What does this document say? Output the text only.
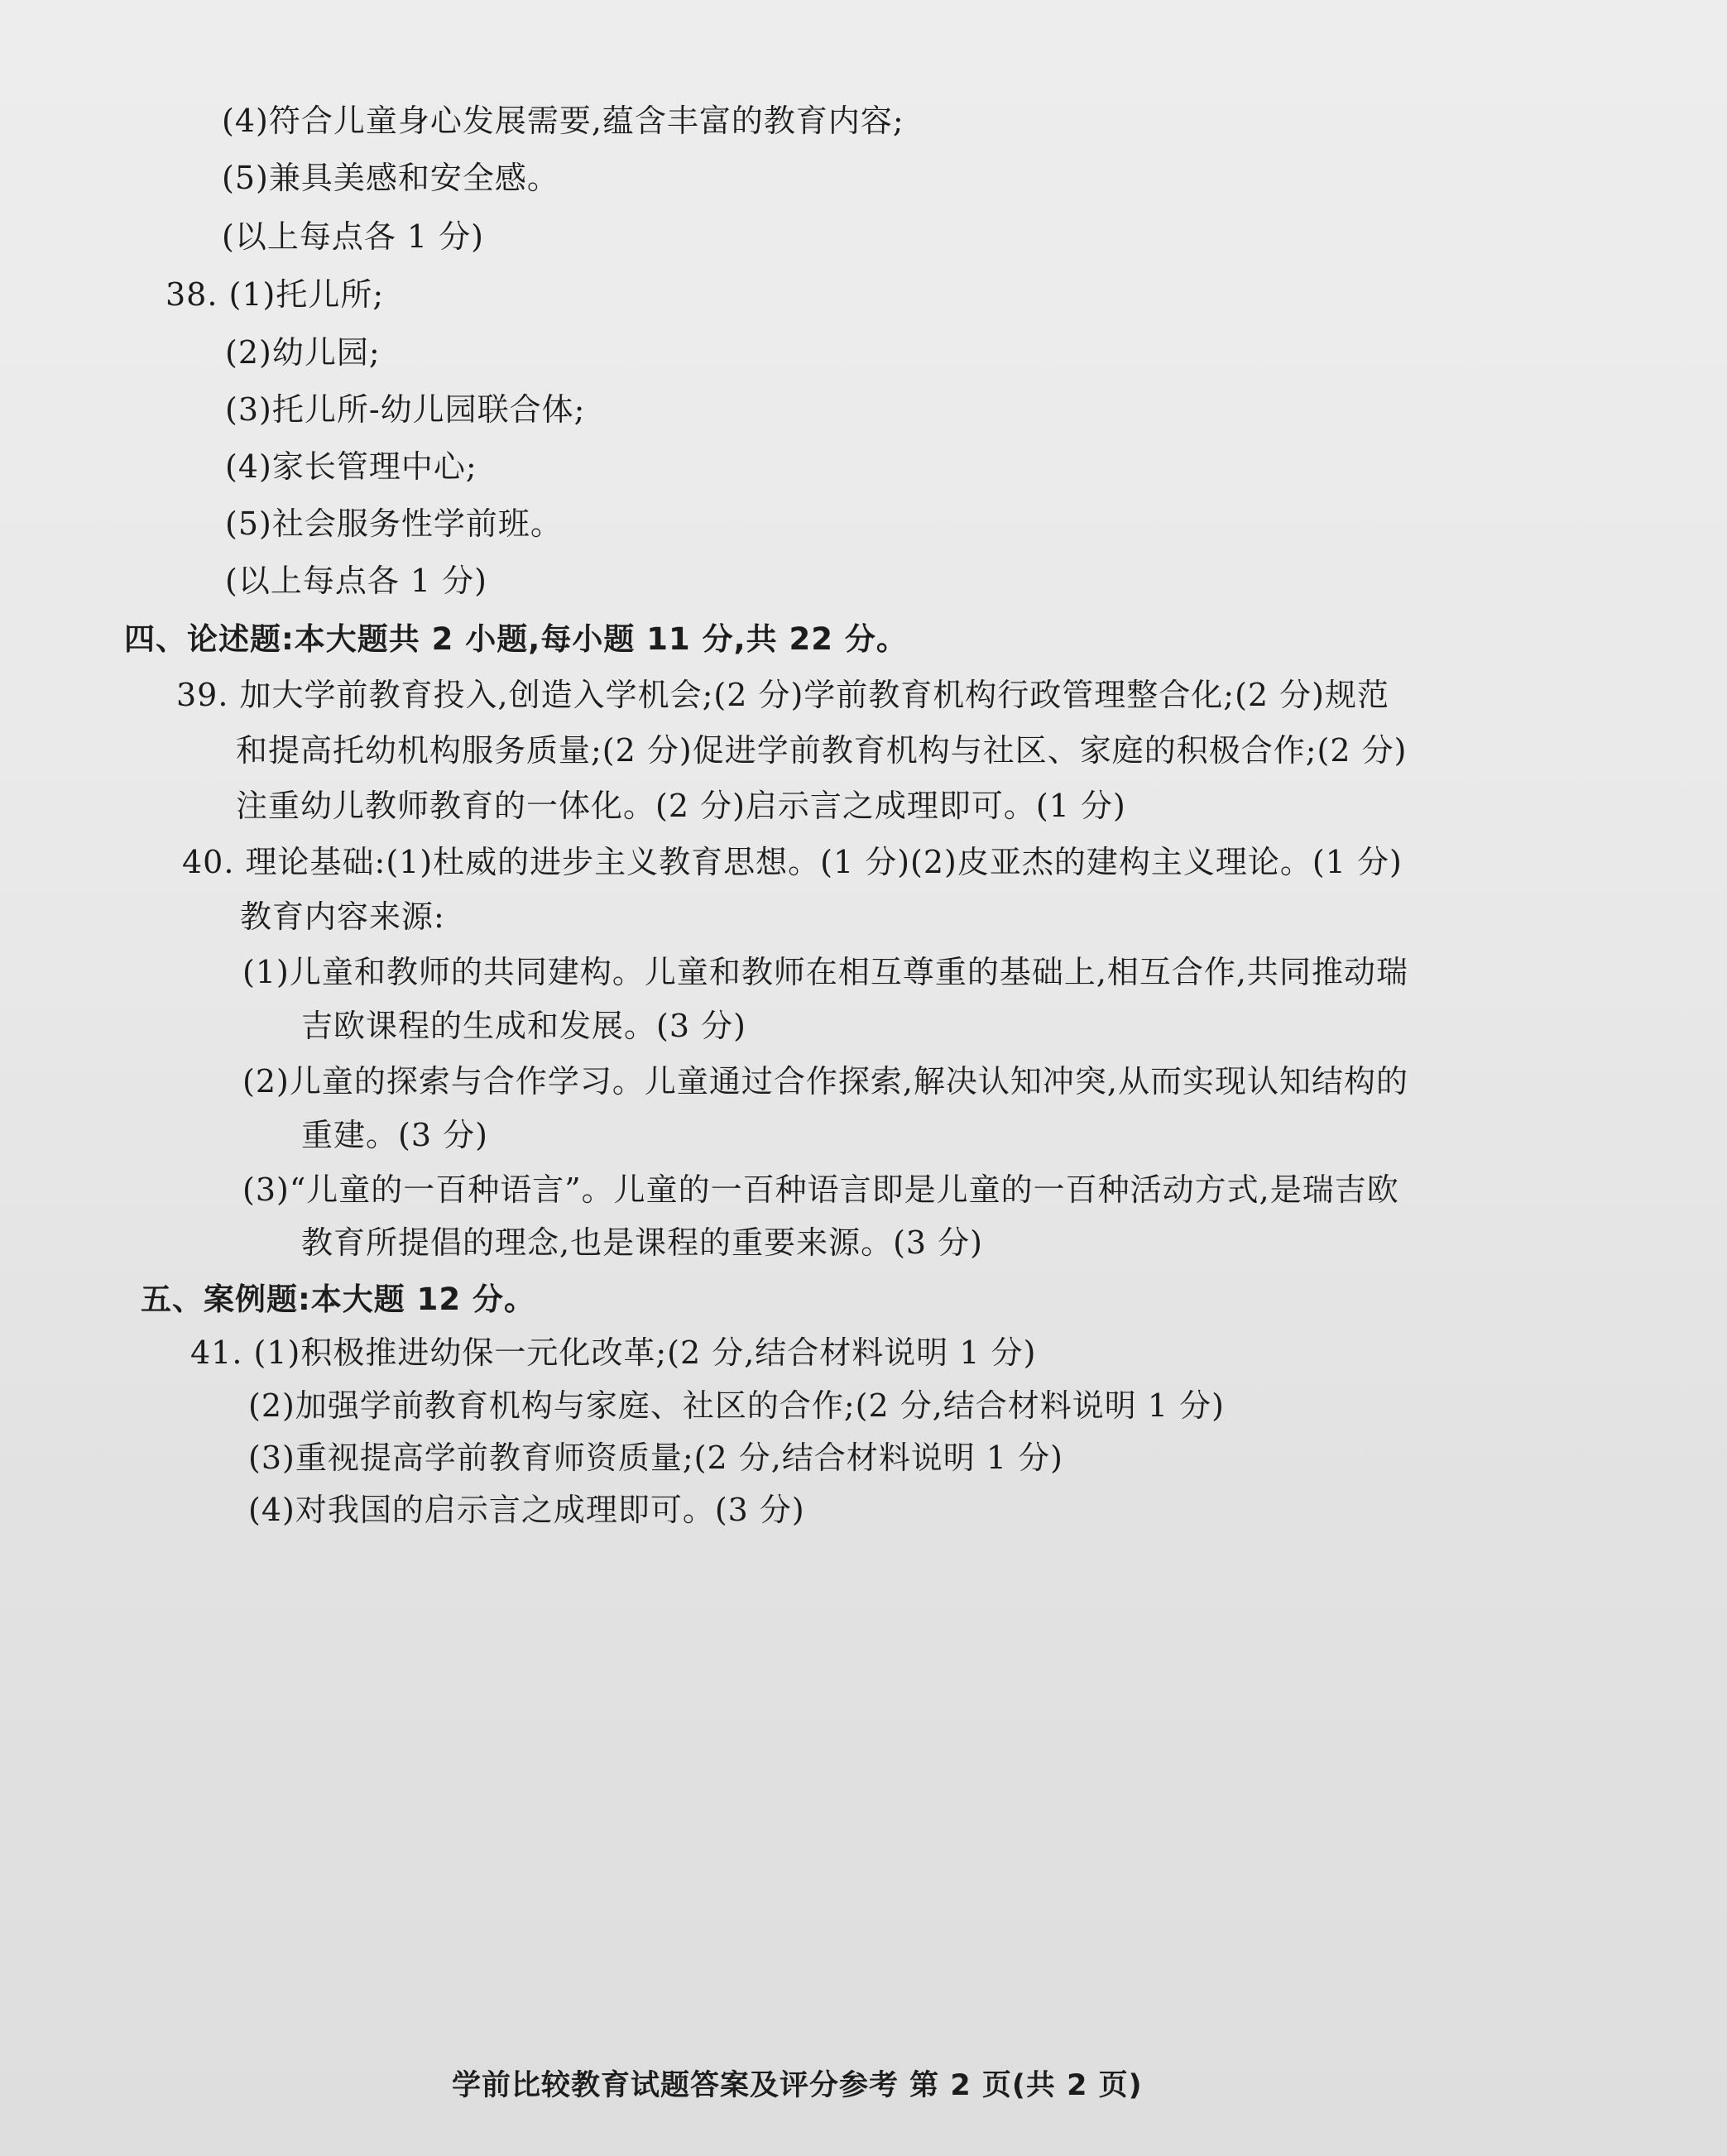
(4)符合儿童身心发展需要,蕴含丰富的教育内容;
(5)兼具美感和安全感。
(以上每点各 1 分)
38. (1)托儿所;
(2)幼儿园;
(3)托儿所-幼儿园联合体;
(4)家长管理中心;
(5)社会服务性学前班。
(以上每点各 1 分)
四、论述题:本大题共 2 小题,每小题 11 分,共 22 分。
39. 加大学前教育投入,创造入学机会;(2 分)学前教育机构行政管理整合化;(2 分)规范
和提高托幼机构服务质量;(2 分)促进学前教育机构与社区、家庭的积极合作;(2 分)
注重幼儿教师教育的一体化。(2 分)启示言之成理即可。(1 分)
40. 理论基础:(1)杜威的进步主义教育思想。(1 分)(2)皮亚杰的建构主义理论。(1 分)
教育内容来源:
(1)儿童和教师的共同建构。儿童和教师在相互尊重的基础上,相互合作,共同推动瑞
吉欧课程的生成和发展。(3 分)
(2)儿童的探索与合作学习。儿童通过合作探索,解决认知冲突,从而实现认知结构的
重建。(3 分)
(3)“儿童的一百种语言”。儿童的一百种语言即是儿童的一百种活动方式,是瑞吉欧
教育所提倡的理念,也是课程的重要来源。(3 分)
五、案例题:本大题 12 分。
41. (1)积极推进幼保一元化改革;(2 分,结合材料说明 1 分)
(2)加强学前教育机构与家庭、社区的合作;(2 分,结合材料说明 1 分)
(3)重视提高学前教育师资质量;(2 分,结合材料说明 1 分)
(4)对我国的启示言之成理即可。(3 分)
学前比较教育试题答案及评分参考 第 2 页(共 2 页)
